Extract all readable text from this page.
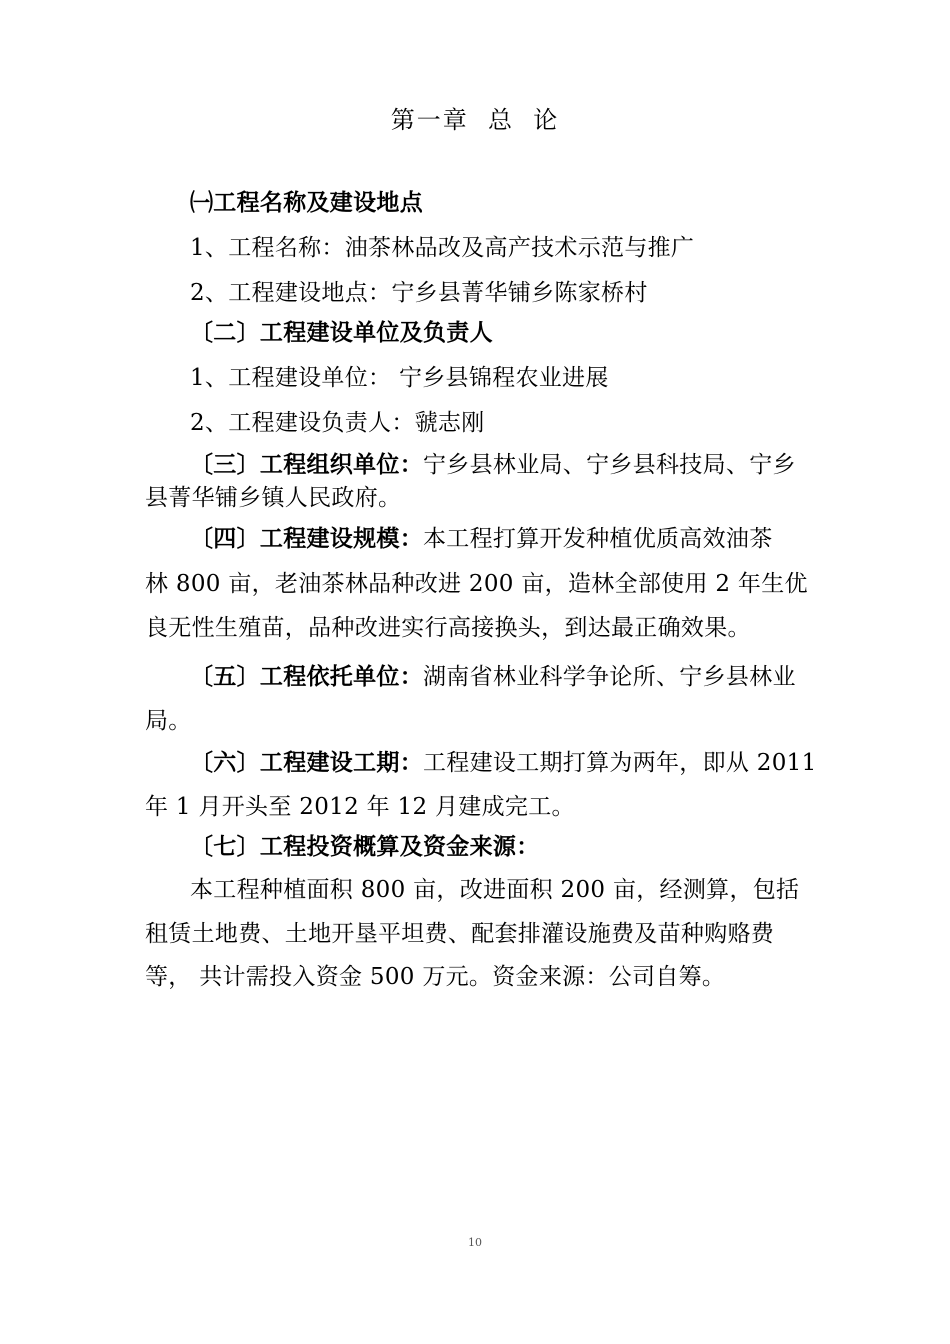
第一章  总  论
㈠工程名称及建设地点
1、工程名称：油茶林品改及高产技术示范与推广
2、工程建设地点：宁乡县菁华铺乡陈家桥村
〔二〕工程建设单位及负责人
1、工程建设单位： 宁乡县锦程农业进展
2、工程建设负责人：虢志刚
〔三〕工程组织单位：宁乡县林业局、宁乡县科技局、宁乡
县菁华铺乡镇人民政府。
〔四〕工程建设规模：本工程打算开发种植优质高效油茶
林 800 亩，老油茶林品种改进 200 亩，造林全部使用 2 年生优
良无性生殖苗，品种改进实行高接换头，到达最正确效果。
〔五〕工程依托单位：湖南省林业科学争论所、宁乡县林业
局。
〔六〕工程建设工期：工程建设工期打算为两年，即从 2011
年 1 月开头至 2012 年 12 月建成完工。
〔七〕工程投资概算及资金来源：
本工程种植面积 800 亩，改进面积 200 亩，经测算，包括
租赁土地费、土地开垦平坦费、配套排灌设施费及苗种购赂费
等， 共计需投入资金 500 万元。资金来源：公司自筹。
10
